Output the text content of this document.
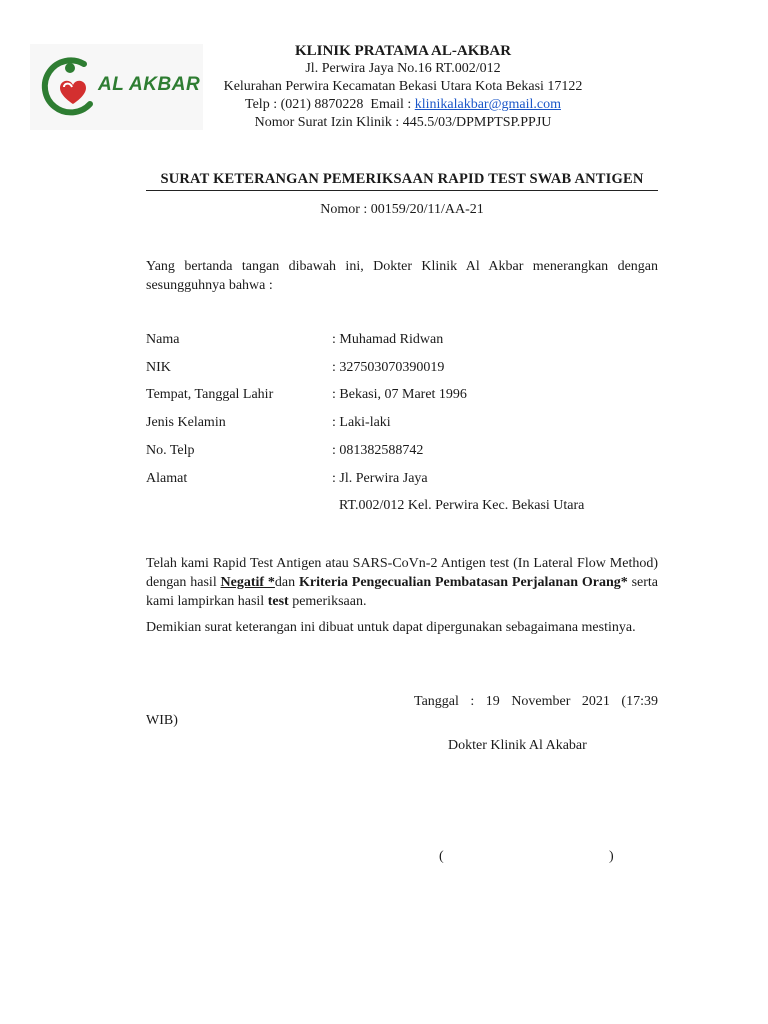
AL AKBAR
KLINIK PRATAMA AL-AKBAR
Jl. Perwira Jaya No.16 RT.002/012
Kelurahan Perwira Kecamatan Bekasi Utara Kota Bekasi 17122
Telp : (021) 8870228  Email : klinikalakbar@gmail.com
Nomor Surat Izin Klinik : 445.5/03/DPMPTSP.PPJU
SURAT KETERANGAN PEMERIKSAAN RAPID TEST SWAB ANTIGEN
Nomor : 00159/20/11/AA-21
Yang bertanda tangan dibawah ini, Dokter Klinik Al Akbar menerangkan dengan sesungguhnya bahwa :
Nama	: Muhamad Ridwan
NIK	: 327503070390019
Tempat, Tanggal Lahir	: Bekasi, 07 Maret 1996
Jenis Kelamin	: Laki-laki
No. Telp	: 081382588742
Alamat	: Jl. Perwira Jaya
RT.002/012 Kel. Perwira Kec. Bekasi Utara
Telah kami Rapid Test Antigen atau SARS-CoVn-2 Antigen test (In Lateral Flow Method) dengan hasil Negatif *dan Kriteria Pengecualian Pembatasan Perjalanan Orang* serta kami lampirkan hasil test pemeriksaan.
Demikian surat keterangan ini dibuat untuk dapat dipergunakan sebagaimana mestinya.
Tanggal : 19 November 2021 (17:39
WIB)
Dokter Klinik Al Akabar
(	)
